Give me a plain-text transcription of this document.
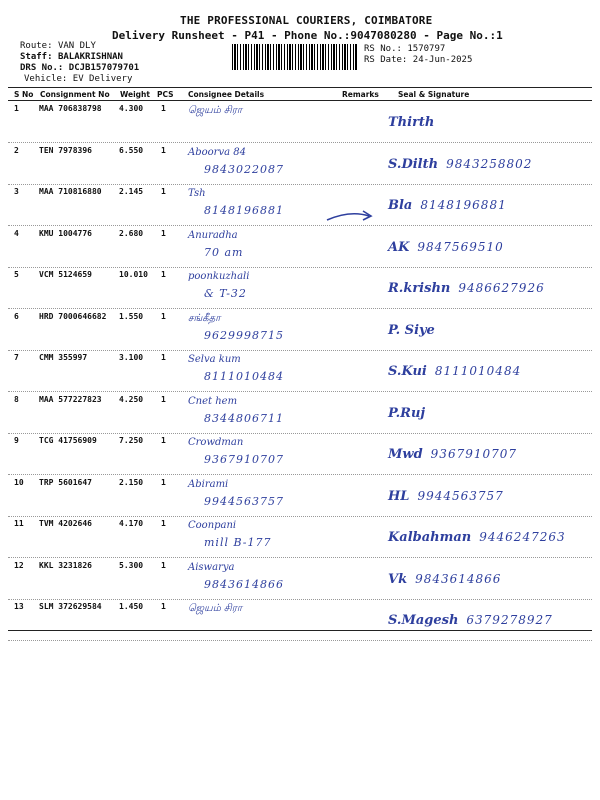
THE PROFESSIONAL COURIERS, COIMBATORE
Delivery Runsheet - P41 - Phone No.:9047080280 - Page No.:1
Route: VAN DLY
Staff: BALAKRISHNAN
DRS No.: DCJB157079701
Vehicle: EV Delivery
RS No.: 1570797
RS Date: 24-Jun-2025
S No Consignment No Weight PCS Consignee Details	Remarks	Seal & Signature
1	MAA 706838798 4.300 1 ஜெயம் சிரா
Thirth
2	TEN 7978396	6.550 1 Aboorva 84
9843022087	S.Dilth 9843258802
3	MAA 710816880 2.145 1 Tsh
8148196881	Bla 8148196881
4	KMU 1004776	2.680 1 Anuradha
70 am	AK 9847569510
5	VCM 5124659	10.010 1 poonkuzhali
& T-32	R.krishn 9486627926
6	HRD 7000646682 1.550 1 சங்கீதா
9629998715	P. Siye
7	CMM 355997	3.100 1 Selva kum
8111010484	S.Kui 8111010484
8	MAA 577227823 4.250 1 Cnet hem
8344806711	P.Ruj
9	TCG 41756909	7.250 1 Crowdman
9367910707	Mwd 9367910707
10 TRP 5601647	2.150 1 Abirami
9944563757	HL 9944563757
11 TVM 4202646	4.170 1 Coonpani
mill B-177	Kalbahman 9446247263
12 KKL 3231826	5.300 1 Aiswarya
9843614866	Vk 9843614866
13 SLM 372629584 1.450 1 ஜெயம் சிரா
S.Magesh 6379278927
